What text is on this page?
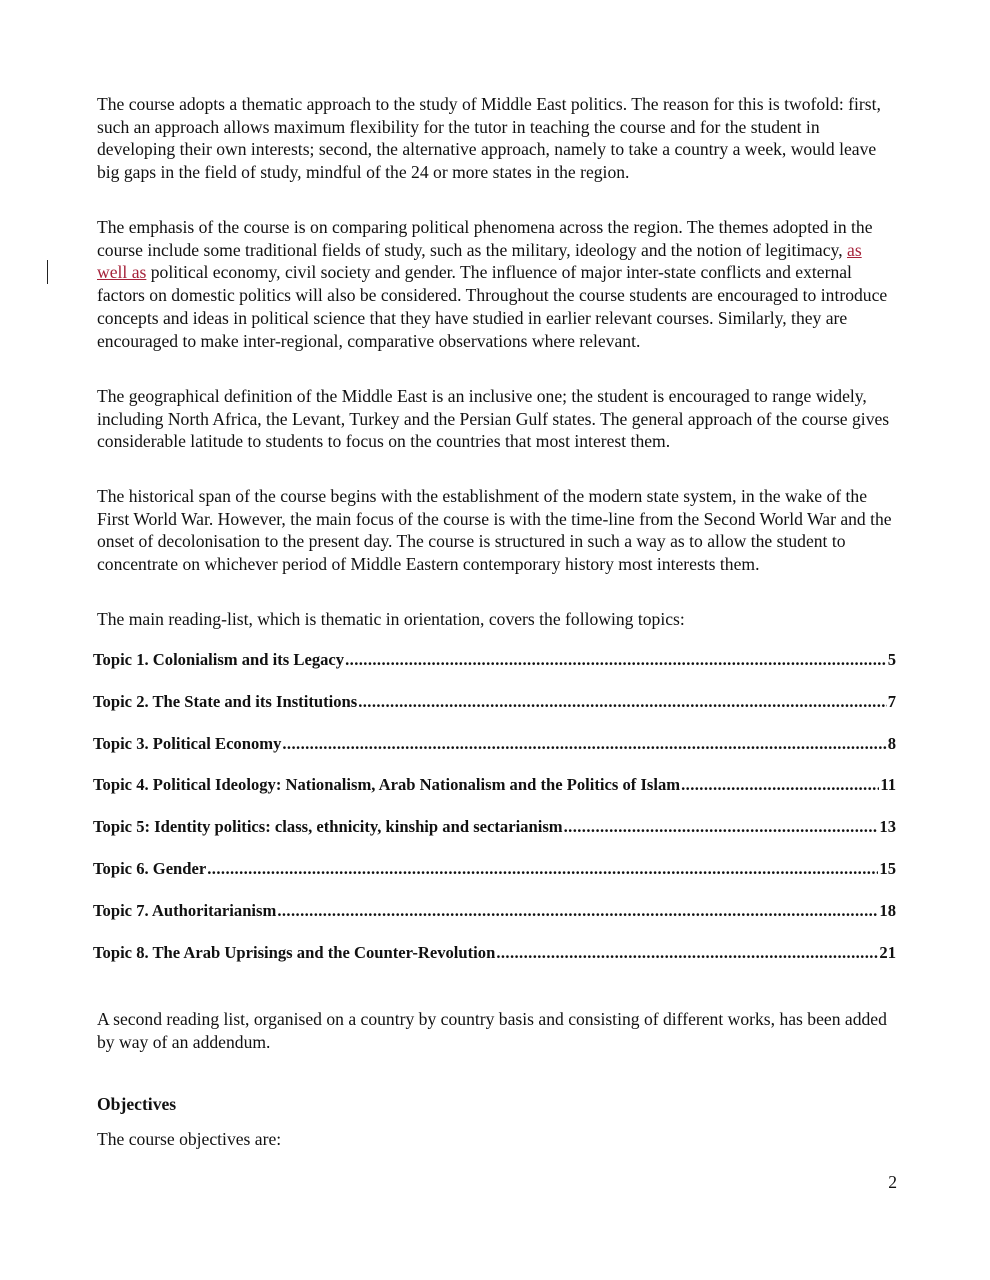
The course adopts a thematic approach to the study of Middle East politics. The reason for this is twofold: first, such an approach allows maximum flexibility for the tutor in teaching the course and for the student in developing their own interests; second, the alternative approach, namely to take a country a week, would leave big gaps in the field of study, mindful of the 24 or more states in the region.

The emphasis of the course is on comparing political phenomena across the region. The themes adopted in the course include some traditional fields of study, such as the military, ideology and the notion of legitimacy, as well as political economy, civil society and gender. The influence of major inter-state conflicts and external factors on domestic politics will also be considered. Throughout the course students are encouraged to introduce concepts and ideas in political science that they have studied in earlier relevant courses. Similarly, they are encouraged to make inter-regional, comparative observations where relevant.

The geographical definition of the Middle East is an inclusive one; the student is encouraged to range widely, including North Africa, the Levant, Turkey and the Persian Gulf states. The general approach of the course gives considerable latitude to students to focus on the countries that most interest them.

The historical span of the course begins with the establishment of the modern state system, in the wake of the First World War. However, the main focus of the course is with the time-line from the Second World War and the onset of decolonisation to the present day. The course is structured in such a way as to allow the student to concentrate on whichever period of Middle Eastern contemporary history most interests them.

The main reading-list, which is thematic in orientation, covers the following topics:

Topic 1. Colonialism and its Legacy .....	5
Topic 2. The State and its Institutions .....	7
Topic 3. Political Economy .....	8
Topic 4. Political Ideology: Nationalism, Arab Nationalism and the Politics of Islam .....	11
Topic 5: Identity politics: class, ethnicity, kinship and sectarianism .....	13
Topic 6. Gender .....	15
Topic 7. Authoritarianism .....	18
Topic 8. The Arab Uprisings and the Counter-Revolution .....	21

A second reading list, organised on a country by country basis and consisting of different works, has been added by way of an addendum.

Objectives

The course objectives are:

2
